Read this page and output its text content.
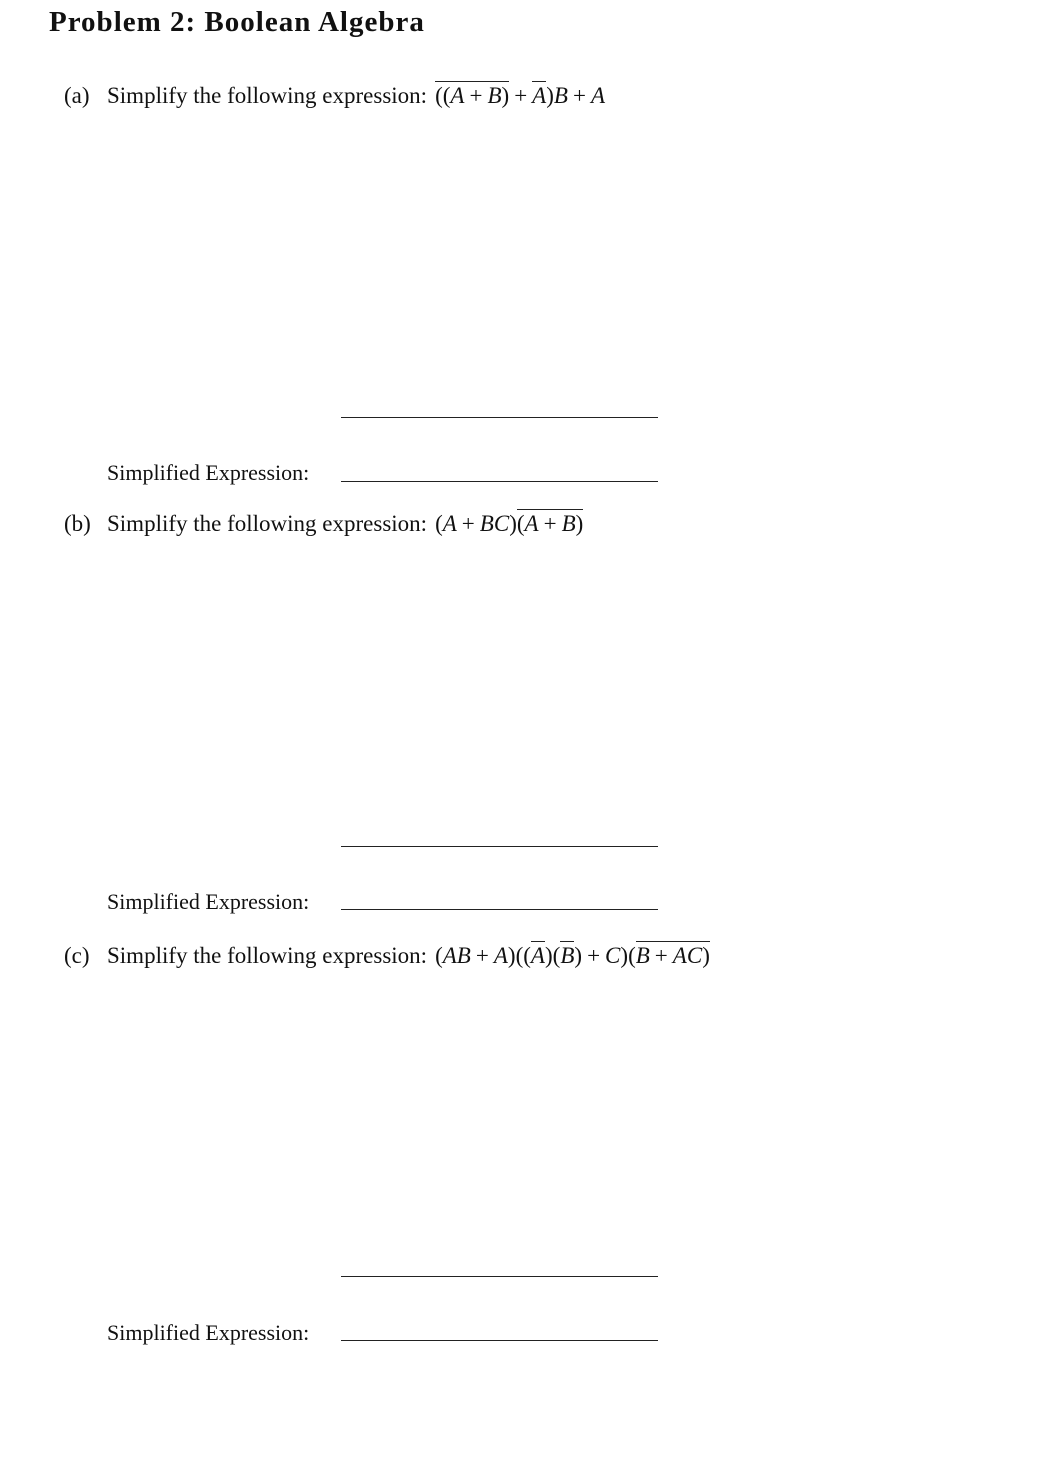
Problem 2: Boolean Algebra
(a) Simplify the following expression: ((A + B) + A)B + A
Simplified Expression:
(b) Simplify the following expression: (A + BC)(A + B)
Simplified Expression:
(c) Simplify the following expression: (AB + A)((A)(B) + C)(B + AC)
Simplified Expression:
